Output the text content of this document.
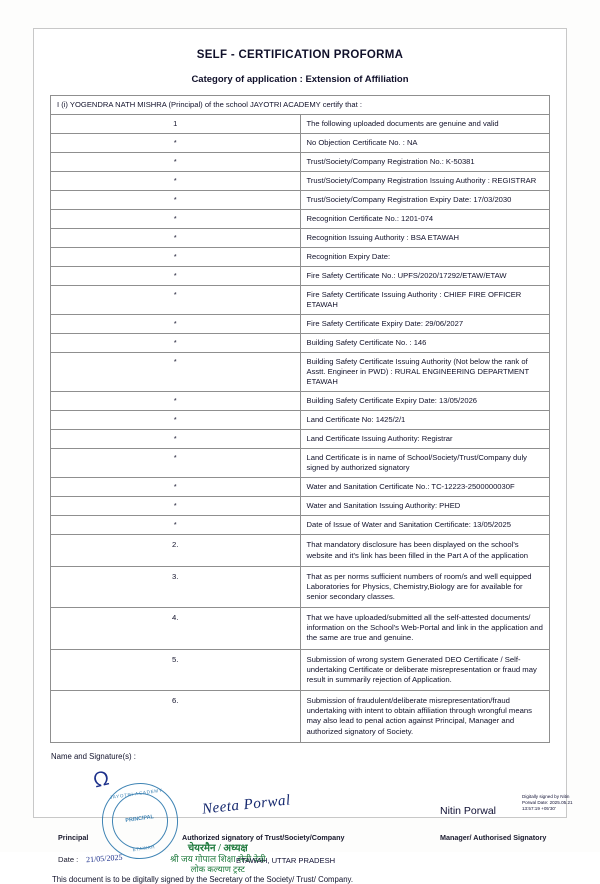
SELF - CERTIFICATION PROFORMA
Category of application : Extension of Affiliation
I (i) YOGENDRA NATH MISHRA (Principal) of the school JAYOTRI ACADEMY certify that :	
1	The following uploaded documents are genuine and valid
*	No Objection Certificate No. : NA
*	Trust/Society/Company Registration No.: K-50381
*	Trust/Society/Company Registration Issuing Authority : REGISTRAR
*	Trust/Society/Company Registration Expiry Date: 17/03/2030
*	Recognition Certificate No.: 1201-074
*	Recognition Issuing Authority : BSA ETAWAH
*	Recognition Expiry Date:
*	Fire Safety Certificate No.: UPFS/2020/17292/ETAW/ETAW
*	Fire Safety Certificate Issuing Authority : CHIEF FIRE OFFICER ETAWAH
*	Fire Safety Certificate Expiry Date: 29/06/2027
*	Building Safety Certificate No. : 146
*	Building Safety Certificate Issuing Authority (Not below the rank of Asstt. Engineer in PWD) : RURAL ENGINEERING DEPARTMENT ETAWAH
*	Building Safety Certificate Expiry Date: 13/05/2026
*	Land Certificate No: 1425/2/1
*	Land Certificate Issuing Authority: Registrar
*	Land Certificate is in name of School/Society/Trust/Company duly signed by authorized signatory
*	Water and Sanitation Certificate No.: TC-12223-2500000030F
*	Water and Sanitation Issuing Authority: PHED
*	Date of Issue of Water and Sanitation Certificate: 13/05/2025
2.	That mandatory disclosure has been displayed on the school's website and it's link has been filled in the Part A of the application
3.	That as per norms sufficient numbers of room/s and well equipped Laboratories for Physics, Chemistry,Biology are for available for senior secondary classes.
4.	That we have uploaded/submitted all the self-attested documents/ information on the School's Web-Portal and link in the application and the same are true and genuine.
5.	Submission of wrong system Generated DEO Certificate / Self-undertaking Certificate or deliberate misrepresentation or fraud may result in summarily rejection of Application.
6.	Submission of fraudulent/deliberate misrepresentation/fraud undertaking with intent to obtain affiliation through wrongful means may also lead to penal action against Principal, Manager and authorized signatory of Society.
Name and Signature(s) :
ᘯ
JAYOTRI ACADEMY
PRINCIPAL
ETAWAH
Neeta Porwal	Nitin Porwal
Digitally signed by Nitin Porwal Date: 2025.05.21 13:57:19 +05'30'
Principal	Authorized signatory of Trust/Society/Company	Manager/ Authorised Signatory
Date : 21/05/2025
चेयरमैन / अध्यक्ष
श्री जय गोपाल शिक्षा सेवी देवी
लोक कल्याण ट्रस्ट
ETAWAH, UTTAR PRADESH
This document is to be digitally signed by the Secretary of the Society/ Trust/ Company.
